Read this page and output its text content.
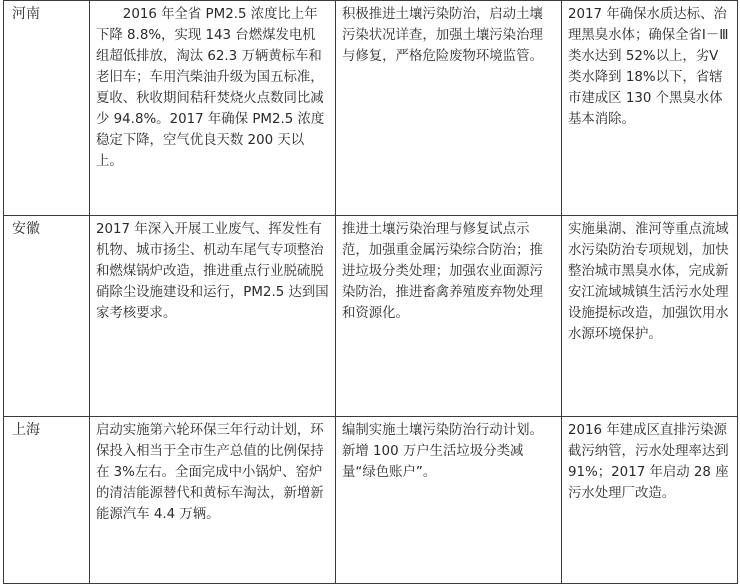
河南	2016 年全省 PM2.5 浓度比上年下降 8.8%，实现 143 台燃煤发电机组超低排放，淘汰 62.3 万辆黄标车和老旧车；车用汽柴油升级为国五标准，夏收、秋收期间秸秆焚烧火点数同比减少 94.8%。2017 年确保 PM2.5 浓度稳定下降，空气优良天数 200 天以上。	积极推进土壤污染防治，启动土壤污染状况详查，加强土壤污染治理与修复，严格危险废物环境监管。	2017 年确保水质达标、治理黑臭水体；确保全省Ⅰ－Ⅲ类水达到 52%以上，劣Ⅴ类水降到 18%以下，省辖市建成区 130 个黑臭水体基本消除。

安徽	2017 年深入开展工业废气、挥发性有机物、城市扬尘、机动车尾气专项整治和燃煤锅炉改造，推进重点行业脱硫脱硝除尘设施建设和运行，PM2.5 达到国家考核要求。	推进土壤污染治理与修复试点示范，加强重金属污染综合防治；推进垃圾分类处理；加强农业面源污染防治，推进畜禽养殖废弃物处理和资源化。	实施巢湖、淮河等重点流域水污染防治专项规划，加快整治城市黑臭水体，完成新安江流域城镇生活污水处理设施提标改造，加强饮用水水源环境保护。

上海	启动实施第六轮环保三年行动计划，环保投入相当于全市生产总值的比例保持在 3%左右。全面完成中小锅炉、窑炉的清洁能源替代和黄标车淘汰，新增新能源汽车 4.4 万辆。	编制实施土壤污染防治行动计划。新增 100 万户生活垃圾分类减量“绿色账户”。	2016 年建成区直排污染源截污纳管，污水处理率达到 91%；2017 年启动 28 座污水处理厂改造。
